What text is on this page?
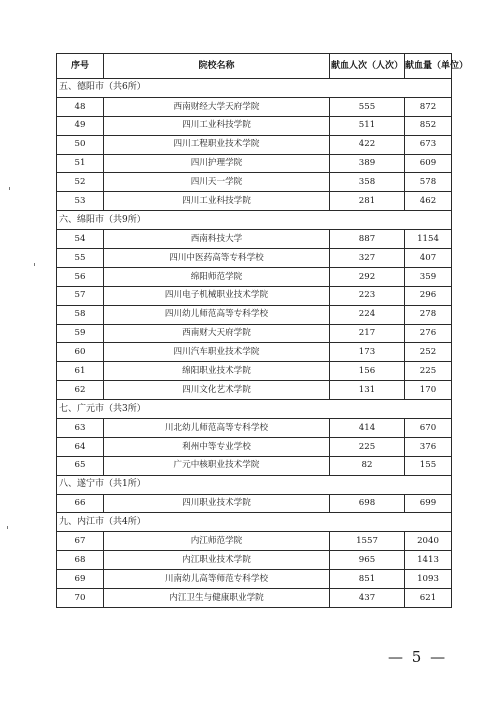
序号	院校名称	献血人次（人次）	献血量（单位）
五、德阳市（共6所）			
48	西南财经大学天府学院	555	872
49	四川工业科技学院	511	852
50	四川工程职业技术学院	422	673
51	四川护理学院	389	609
52	四川天一学院	358	578
53	四川工业科技学院	281	462
六、绵阳市（共9所）			
54	西南科技大学	887	1154
55	四川中医药高等专科学校	327	407
56	绵阳师范学院	292	359
57	四川电子机械职业技术学院	223	296
58	四川幼儿师范高等专科学校	224	278
59	西南财大天府学院	217	276
60	四川汽车职业技术学院	173	252
61	绵阳职业技术学院	156	225
62	四川文化艺术学院	131	170
七、广元市（共3所）			
63	川北幼儿师范高等专科学校	414	670
64	利州中等专业学校	225	376
65	广元中核职业技术学院	82	155
八、遂宁市（共1所）			
66	四川职业技术学院	698	699
九、内江市（共4所）			
67	内江师范学院	1557	2040
68	内江职业技术学院	965	1413
69	川南幼儿高等师范专科学校	851	1093
70	内江卫生与健康职业学院	437	621
— 5 —
